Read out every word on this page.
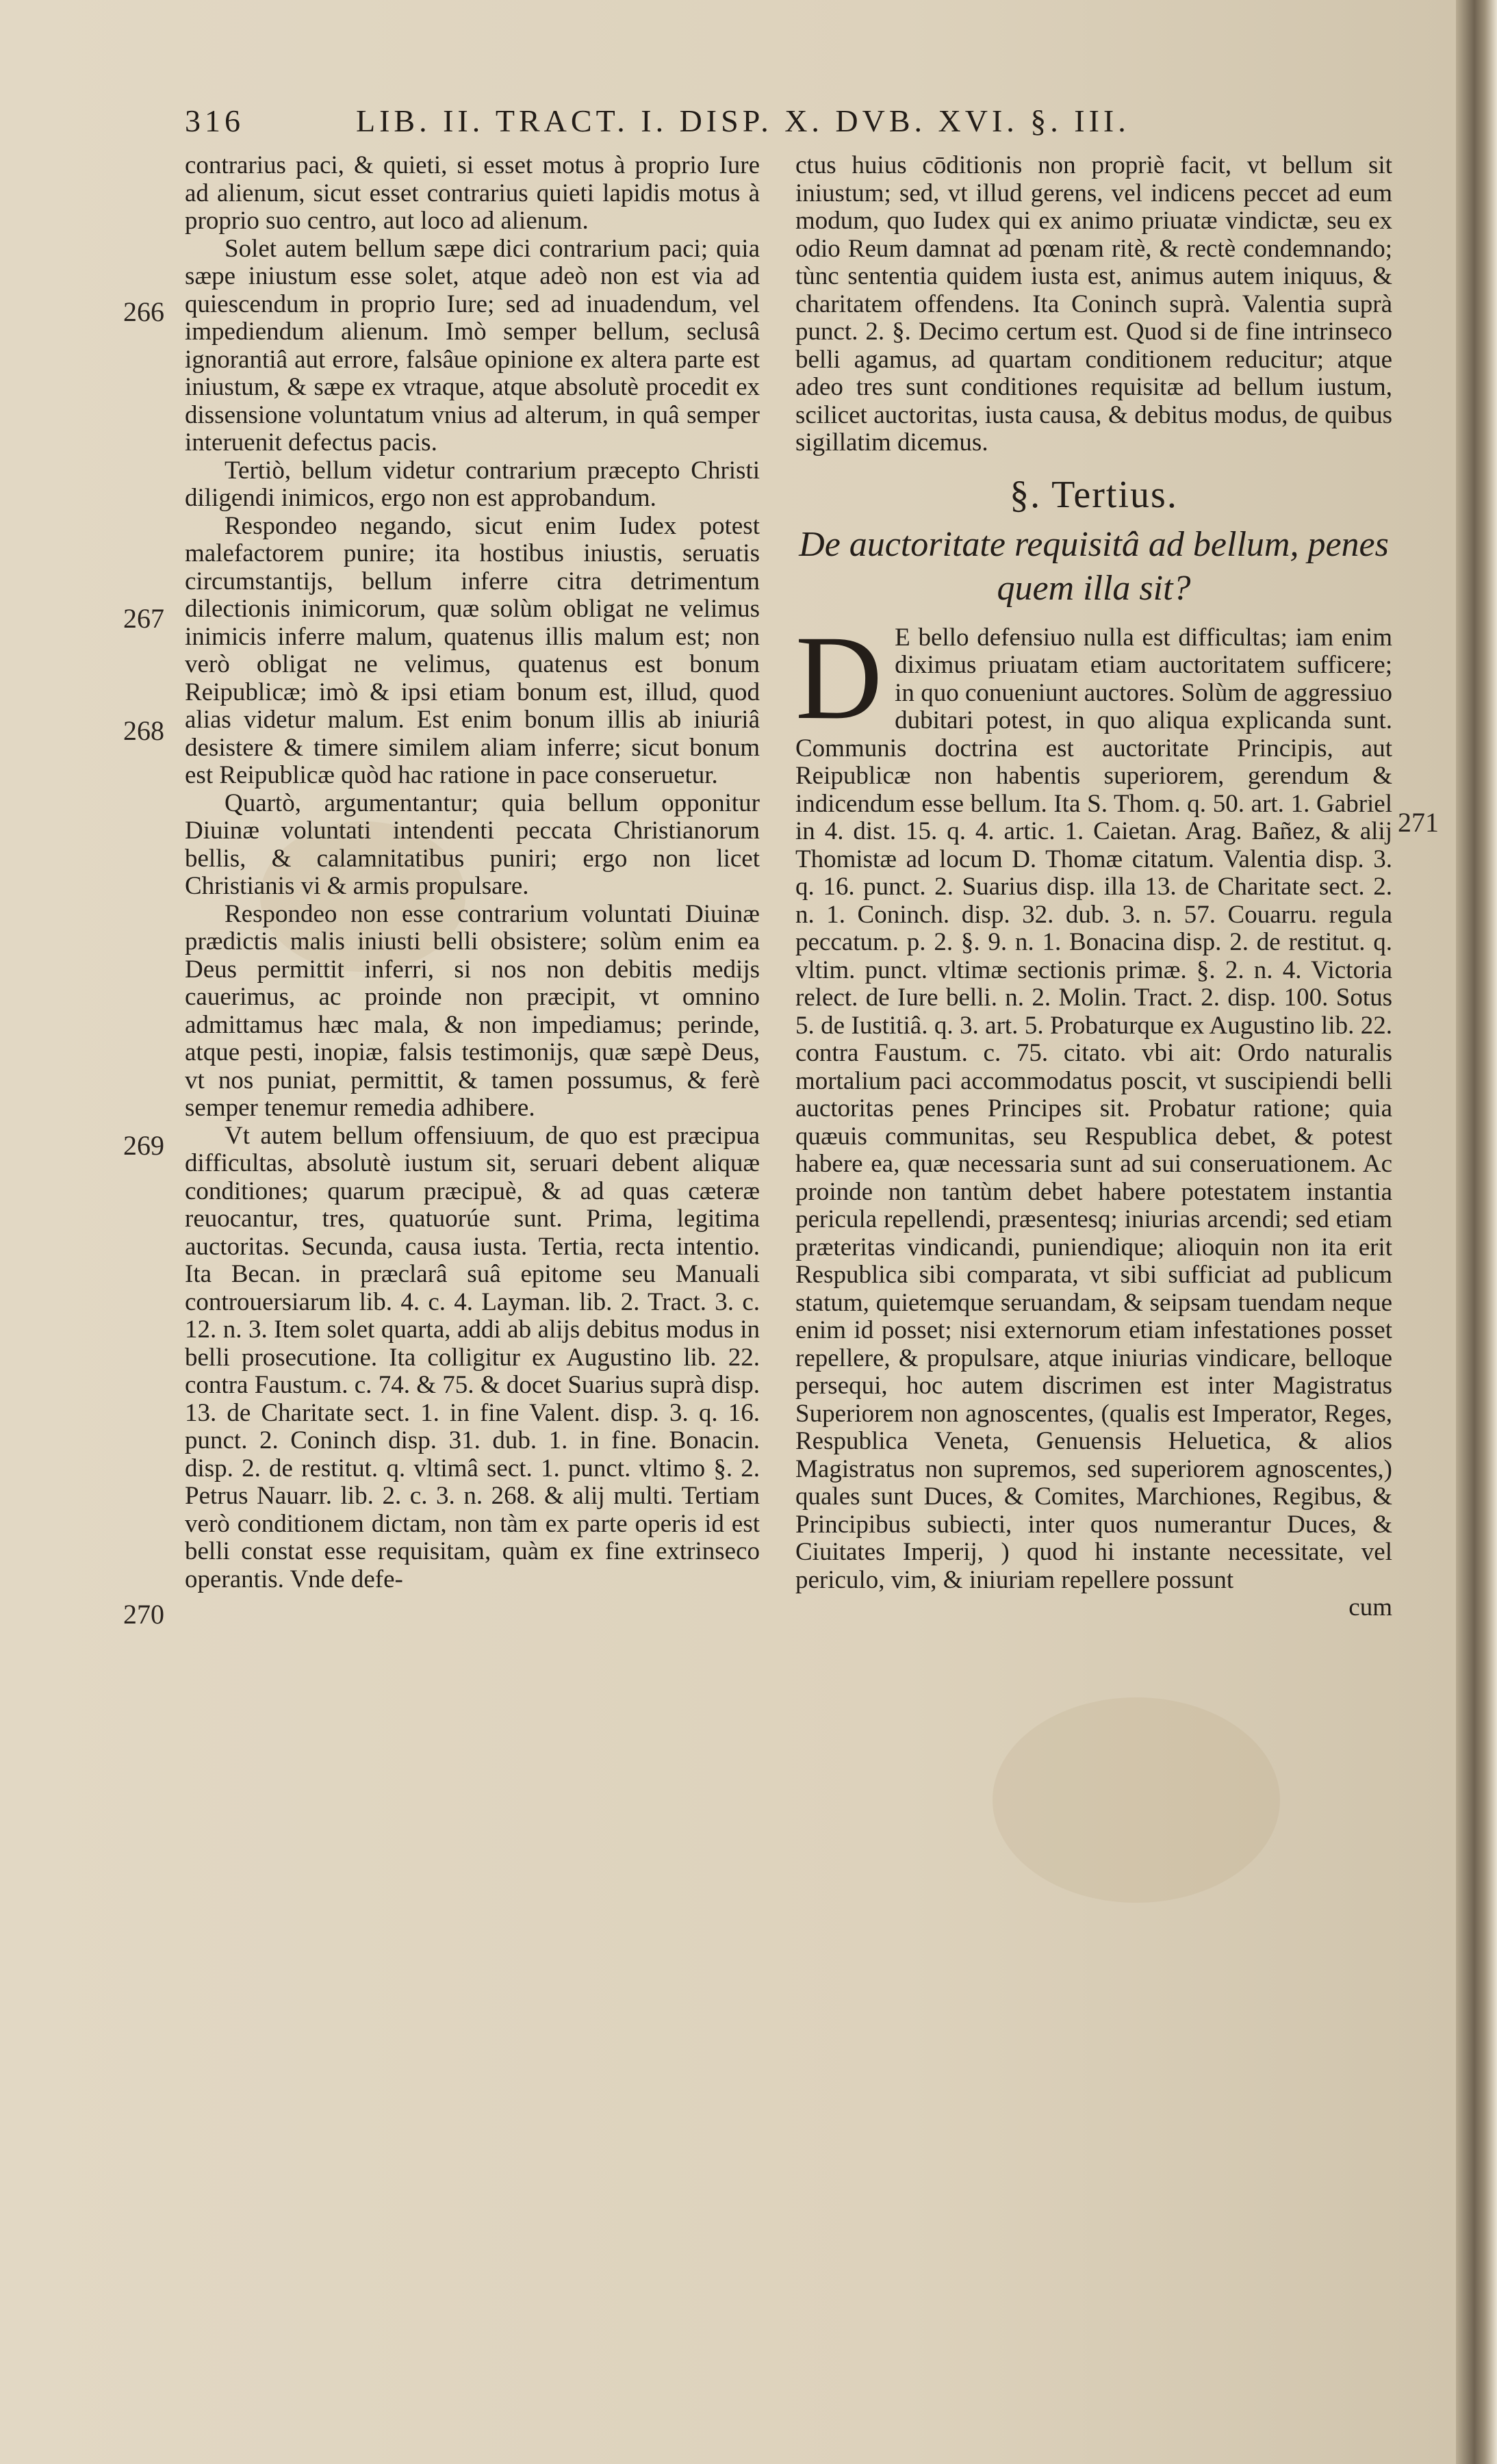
316	LIB. II. TRACT. I. DISP. X. DVB. XVI. §. III.
266
267
268
269
270

contrarius paci, & quieti, si esset motus à proprio Iure ad alienum, sicut esset contrarius quieti lapidis motus à proprio suo centro, aut loco ad alienum.

Solet autem bellum sæpe dici contrarium paci; quia sæpe iniustum esse solet, atque adeò non est via ad quiescendum in proprio Iure; sed ad inuadendum, vel impediendum alienum. Imò semper bellum, seclusâ ignorantiâ aut errore, falsâue opinione ex altera parte est iniustum, & sæpe ex vtraque, atque absolutè procedit ex dissensione voluntatum vnius ad alterum, in quâ semper interuenit defectus pacis.

Tertiò, bellum videtur contrarium præcepto Christi diligendi inimicos, ergo non est approbandum.

Respondeo negando, sicut enim Iudex potest malefactorem punire; ita hostibus iniustis, seruatis circumstantijs, bellum inferre citra detrimentum dilectionis inimicorum, quæ solùm obligat ne velimus inimicis inferre malum, quatenus illis malum est; non verò obligat ne velimus, quatenus est bonum Reipublicæ; imò & ipsi etiam bonum est, illud, quod alias videtur malum. Est enim bonum illis ab iniuriâ desistere & timere similem aliam inferre; sicut bonum est Reipublicæ quòd hac ratione in pace conseruetur.

Quartò, argumentantur; quia bellum opponitur Diuinæ voluntati intendenti peccata Christianorum bellis, & calamnitatibus puniri; ergo non licet Christianis vi & armis propulsare.

Respondeo non esse contrarium voluntati Diuinæ prædictis malis iniusti belli obsistere; solùm enim ea Deus permittit inferri, si nos non debitis medijs cauerimus, ac proinde non præcipit, vt omnino admittamus hæc mala, & non impediamus; perinde, atque pesti, inopiæ, falsis testimonijs, quæ sæpè Deus, vt nos puniat, permittit, & tamen possumus, & ferè semper tenemur remedia adhibere.

Vt autem bellum offensiuum, de quo est præcipua difficultas, absolutè iustum sit, seruari debent aliquæ conditiones; quarum præcipuè, & ad quas cæteræ reuocantur, tres, quatuorúe sunt. Prima, legitima auctoritas. Secunda, causa iusta. Tertia, recta intentio. Ita Becan. in præclarâ suâ epitome seu Manuali controuersiarum lib. 4. c. 4. Layman. lib. 2. Tract. 3. c. 12. n. 3. Item solet quarta, addi ab alijs debitus modus in belli prosecutione. Ita colligitur ex Augustino lib. 22. contra Faustum. c. 74. & 75. & docet Suarius suprà disp. 13. de Charitate sect. 1. in fine Valent. disp. 3. q. 16. punct. 2. Coninch disp. 31. dub. 1. in fine. Bonacin. disp. 2. de restitut. q. vltimâ sect. 1. punct. vltimo §. 2. Petrus Nauarr. lib. 2. c. 3. n. 268. & alij multi. Tertiam verò conditionem dictam, non tàm ex parte operis id est belli constat esse requisitam, quàm ex fine extrinseco operantis. Vnde defe-

271

ctus huius cōditionis non propriè facit, vt bellum sit iniustum; sed, vt illud gerens, vel indicens peccet ad eum modum, quo Iudex qui ex animo priuatæ vindictæ, seu ex odio Reum damnat ad pœnam ritè, & rectè condemnando; tùnc sententia quidem iusta est, animus autem iniquus, & charitatem offendens. Ita Coninch suprà. Valentia suprà punct. 2. §. Decimo certum est. Quod si de fine intrinseco belli agamus, ad quartam conditionem reducitur; atque adeo tres sunt conditiones requisitæ ad bellum iustum, scilicet auctoritas, iusta causa, & debitus modus, de quibus sigillatim dicemus.

§. Tertius.
De auctoritate requisitâ ad bellum, penes quem illa sit?

D E bello defensiuo nulla est difficultas; iam enim diximus priuatam etiam auctoritatem sufficere; in quo conueniunt auctores. Solùm de aggressiuo dubitari potest, in quo aliqua explicanda sunt. Communis doctrina est auctoritate Principis, aut Reipublicæ non habentis superiorem, gerendum & indicendum esse bellum. Ita S. Thom. q. 50. art. 1. Gabriel in 4. dist. 15. q. 4. artic. 1. Caietan. Arag. Bañez, & alij Thomistæ ad locum D. Thomæ citatum. Valentia disp. 3. q. 16. punct. 2. Suarius disp. illa 13. de Charitate sect. 2. n. 1. Coninch. disp. 32. dub. 3. n. 57. Couarru. regula peccatum. p. 2. §. 9. n. 1. Bonacina disp. 2. de restitut. q. vltim. punct. vltimæ sectionis primæ. §. 2. n. 4. Victoria relect. de Iure belli. n. 2. Molin. Tract. 2. disp. 100. Sotus 5. de Iustitiâ. q. 3. art. 5. Probaturque ex Augustino lib. 22. contra Faustum. c. 75. citato. vbi ait: Ordo naturalis mortalium paci accommodatus poscit, vt suscipiendi belli auctoritas penes Principes sit. Probatur ratione; quia quæuis communitas, seu Respublica debet, & potest habere ea, quæ necessaria sunt ad sui conseruationem. Ac proinde non tantùm debet habere potestatem instantia pericula repellendi, præsentesq; iniurias arcendi; sed etiam præteritas vindicandi, puniendique; alioquin non ita erit Respublica sibi comparata, vt sibi sufficiat ad publicum statum, quietemque seruandam, & seipsam tuendam neque enim id posset; nisi externorum etiam infestationes posset repellere, & propulsare, atque iniurias vindicare, belloque persequi, hoc autem discrimen est inter Magistratus Superiorem non agnoscentes, (qualis est Imperator, Reges, Respublica Veneta, Genuensis Heluetica, & alios Magistratus non supremos, sed superiorem agnoscentes,) quales sunt Duces, & Comites, Marchiones, Regibus, & Principibus subiecti, inter quos numerantur Duces, & Ciuitates Imperij, ) quod hi instante necessitate, vel periculo, vim, & iniuriam repellere possunt

cum
